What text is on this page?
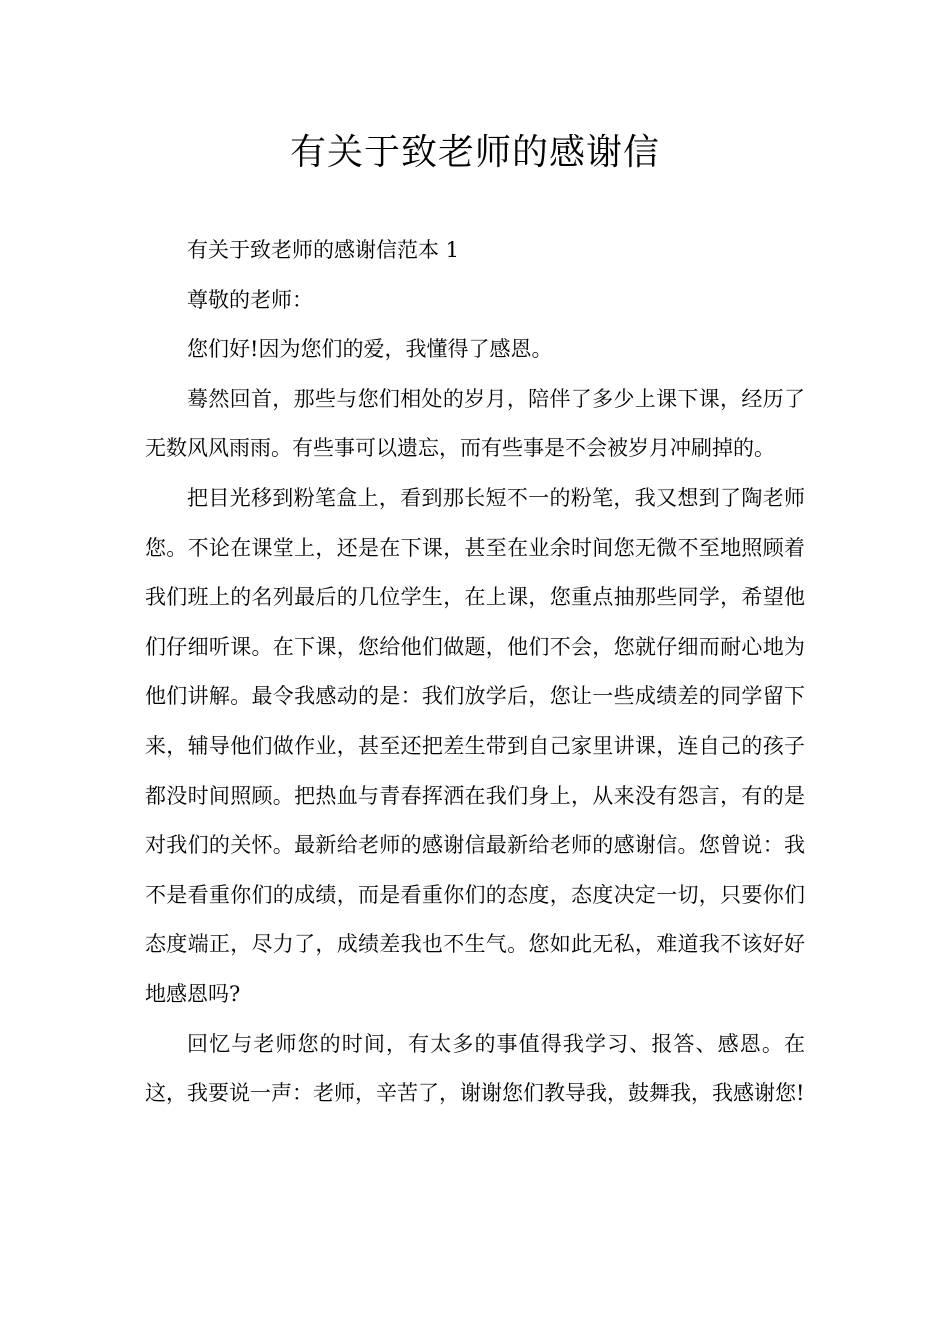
有关于致老师的感谢信

有关于致老师的感谢信范本 1

尊敬的老师：

您们好!因为您们的爱，我懂得了感恩。

蓦然回首，那些与您们相处的岁月，陪伴了多少上课下课，经历了无数风风雨雨。有些事可以遗忘，而有些事是不会被岁月冲刷掉的。

把目光移到粉笔盒上，看到那长短不一的粉笔，我又想到了陶老师您。不论在课堂上，还是在下课，甚至在业余时间您无微不至地照顾着我们班上的名列最后的几位学生，在上课，您重点抽那些同学，希望他们仔细听课。在下课，您给他们做题，他们不会，您就仔细而耐心地为他们讲解。最令我感动的是：我们放学后，您让一些成绩差的同学留下来，辅导他们做作业，甚至还把差生带到自己家里讲课，连自己的孩子都没时间照顾。把热血与青春挥洒在我们身上，从来没有怨言，有的是对我们的关怀。最新给老师的感谢信最新给老师的感谢信。您曾说：我不是看重你们的成绩，而是看重你们的态度，态度决定一切，只要你们态度端正，尽力了，成绩差我也不生气。您如此无私，难道我不该好好地感恩吗?

回忆与老师您的时间，有太多的事值得我学习、报答、感恩。在这，我要说一声：老师，辛苦了，谢谢您们教导我，鼓舞我，我感谢您!
